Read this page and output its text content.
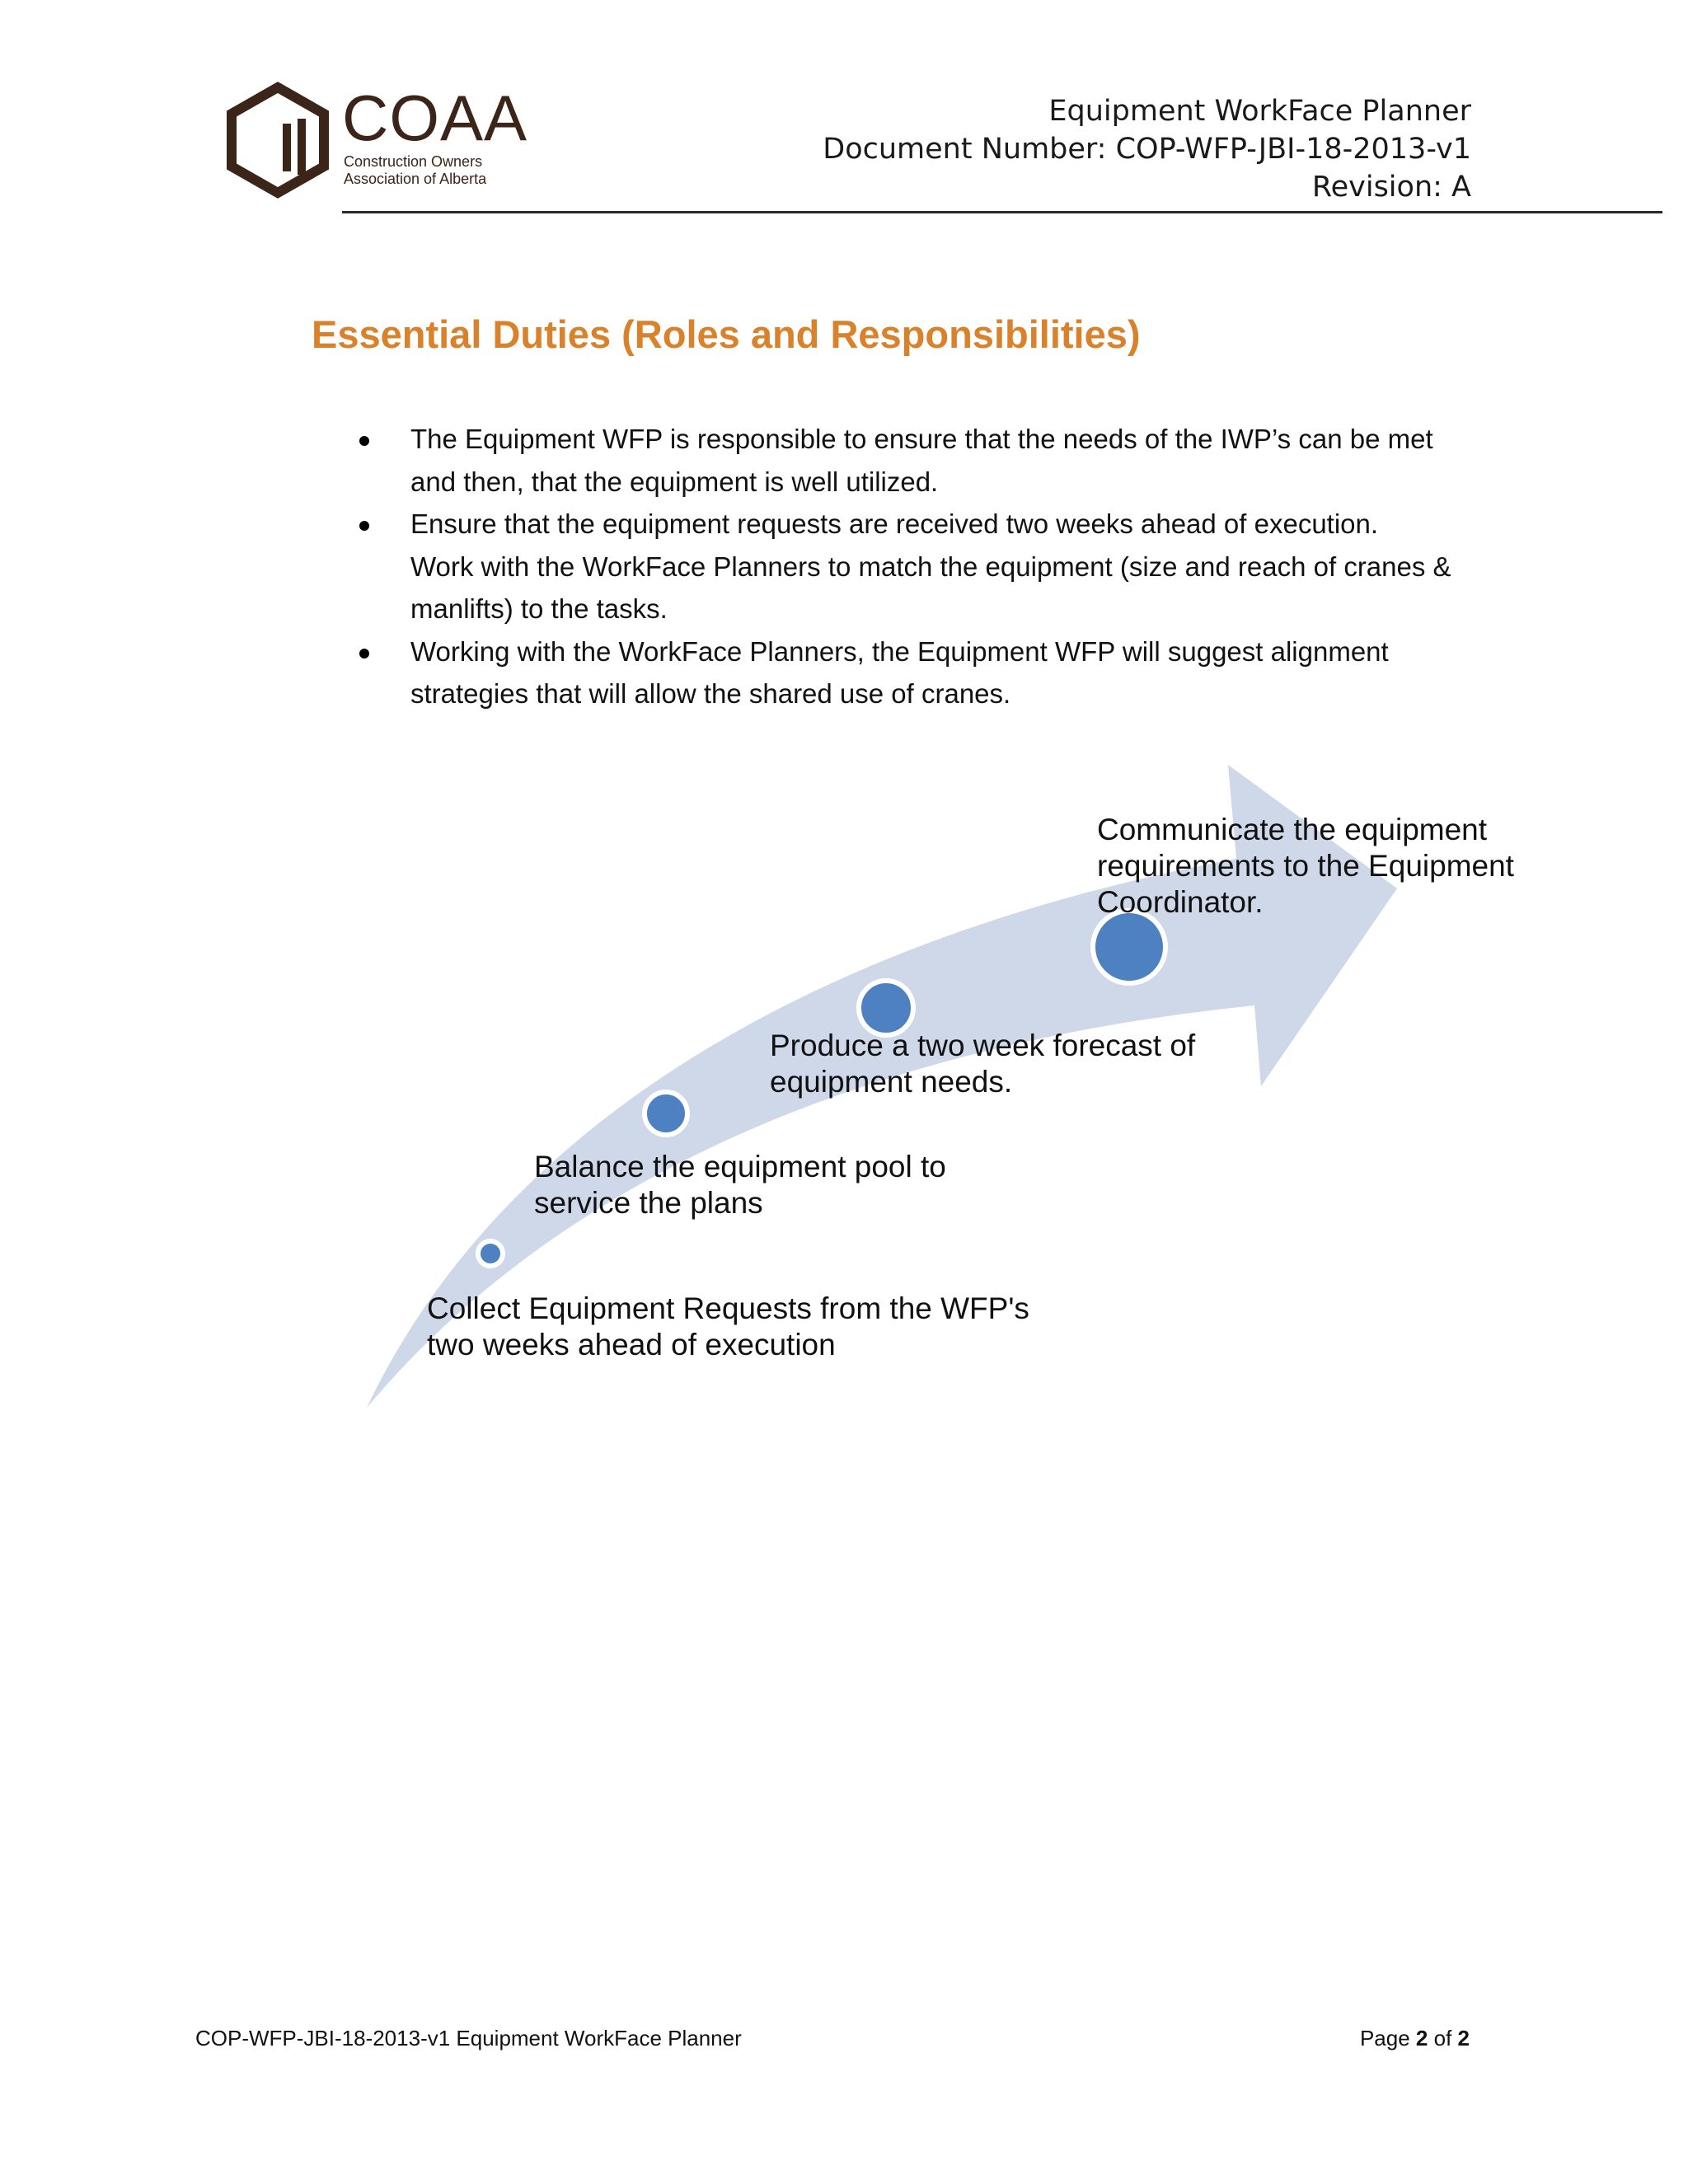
COAA
Construction Owners
Association of Alberta
Equipment WorkFace Planner
Document Number: COP-WFP-JBI-18-2013-v1
Revision: A
Essential Duties (Roles and Responsibilities)
The Equipment WFP is responsible to ensure that the needs of the IWP’s can be met
and then, that the equipment is well utilized.
Ensure that the equipment requests are received two weeks ahead of execution.
Work with the WorkFace Planners to match the equipment (size and reach of cranes &
manlifts) to the tasks.
Working with the WorkFace Planners, the Equipment WFP will suggest alignment
strategies that will allow the shared use of cranes.
Collect Equipment Requests from the WFP's
two weeks ahead of execution
Balance the equipment pool to
service the plans
Produce a two week forecast of
equipment needs.
Communicate the equipment
requirements to the Equipment
Coordinator.
COP-WFP-JBI-18-2013-v1 Equipment WorkFace Planner	Page 2 of 2
